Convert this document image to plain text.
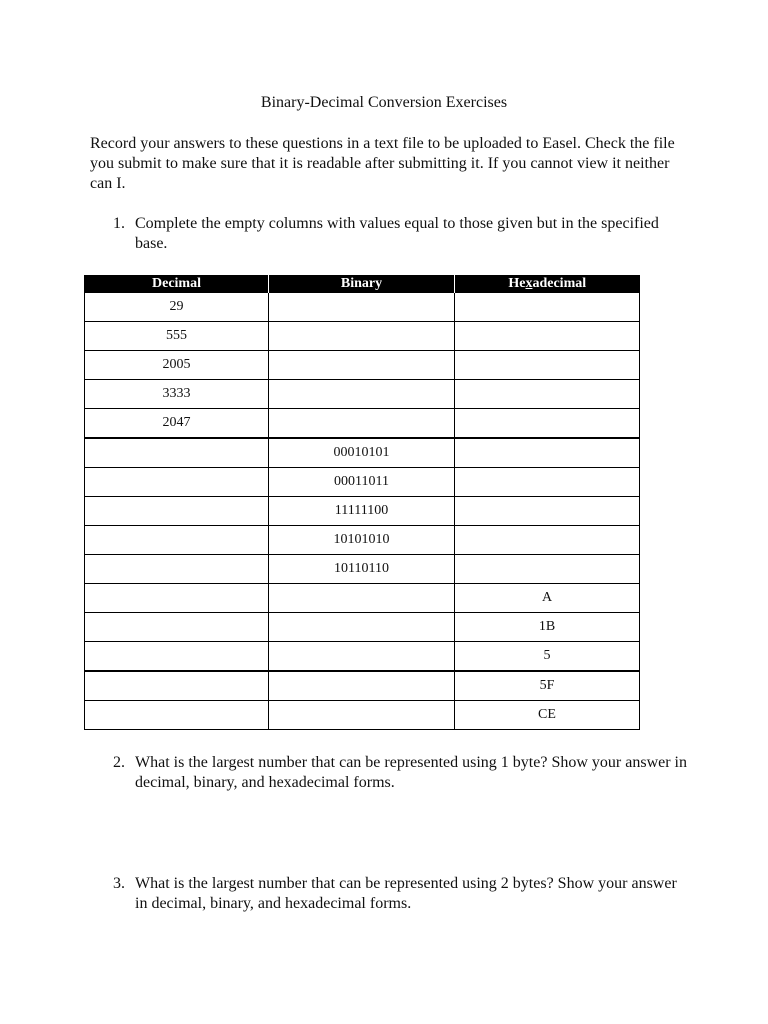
Binary-Decimal Conversion Exercises

Record your answers to these questions in a text file to be uploaded to Easel. Check the file you submit to make sure that it is readable after submitting it. If you cannot view it neither can I.

1. Complete the empty columns with values equal to those given but in the specified base.
Decimal	Binary	Hexadecimal
29		
555		
2005		
3333		
2047		
	00010101	
	00011011	
	11111100	
	10101010	
	10110110	
		A
		1B
		5
		5F
		CE
2. What is the largest number that can be represented using 1 byte? Show your answer in decimal, binary, and hexadecimal forms.
3. What is the largest number that can be represented using 2 bytes? Show your answer in decimal, binary, and hexadecimal forms.
